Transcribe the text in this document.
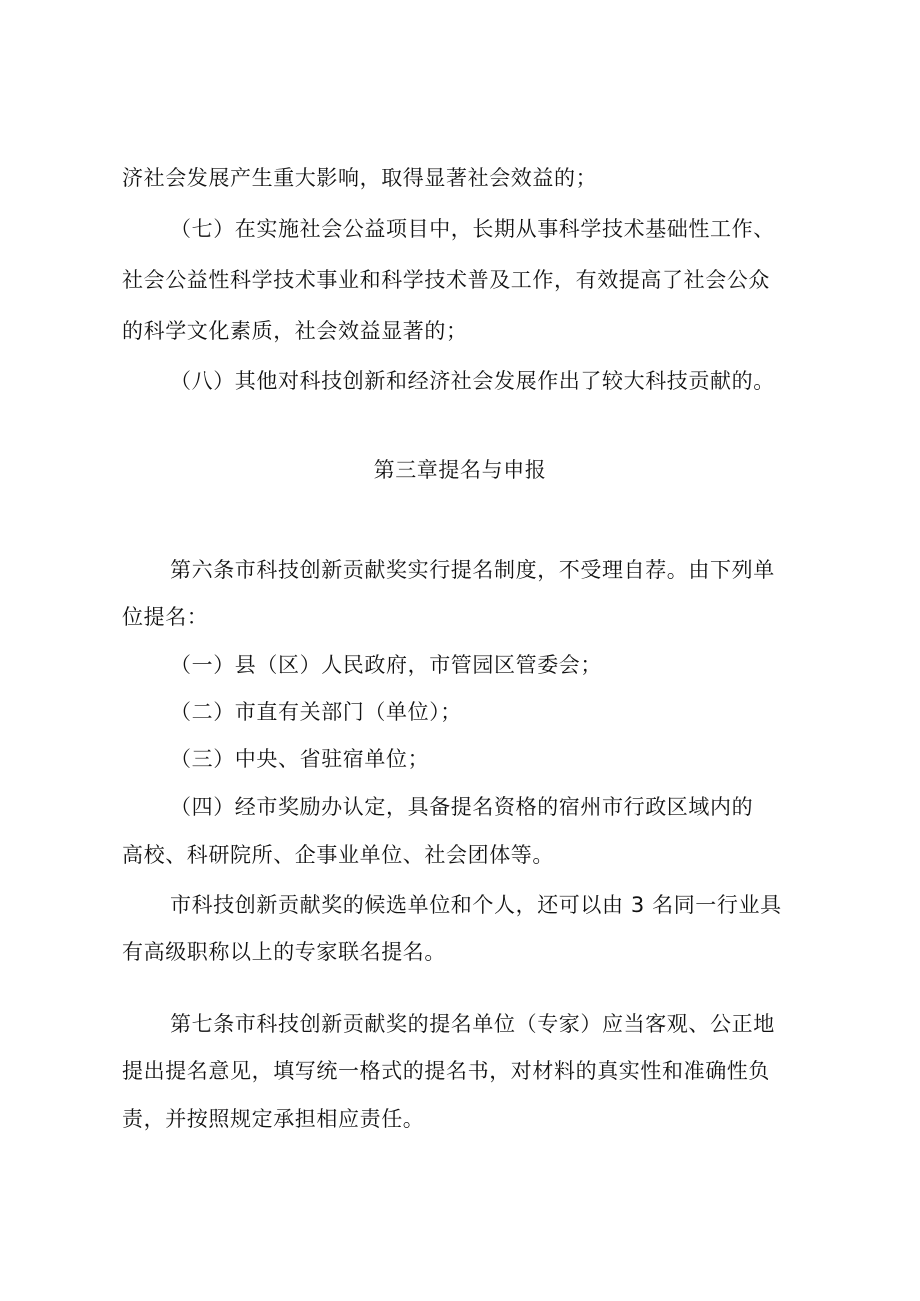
济社会发展产生重大影响，取得显著社会效益的；
（七）在实施社会公益项目中，长期从事科学技术基础性工作、
社会公益性科学技术事业和科学技术普及工作，有效提高了社会公众
的科学文化素质，社会效益显著的；
（八）其他对科技创新和经济社会发展作出了较大科技贡献的。
第三章提名与申报
第六条市科技创新贡献奖实行提名制度，不受理自荐。由下列单
位提名：
（一）县（区）人民政府，市管园区管委会；
（二）市直有关部门（单位）；
（三）中央、省驻宿单位；
（四）经市奖励办认定，具备提名资格的宿州市行政区域内的
高校、科研院所、企事业单位、社会团体等。
市科技创新贡献奖的候选单位和个人，还可以由 3 名同一行业具
有高级职称以上的专家联名提名。
第七条市科技创新贡献奖的提名单位（专家）应当客观、公正地
提出提名意见，填写统一格式的提名书，对材料的真实性和准确性负
责，并按照规定承担相应责任。
